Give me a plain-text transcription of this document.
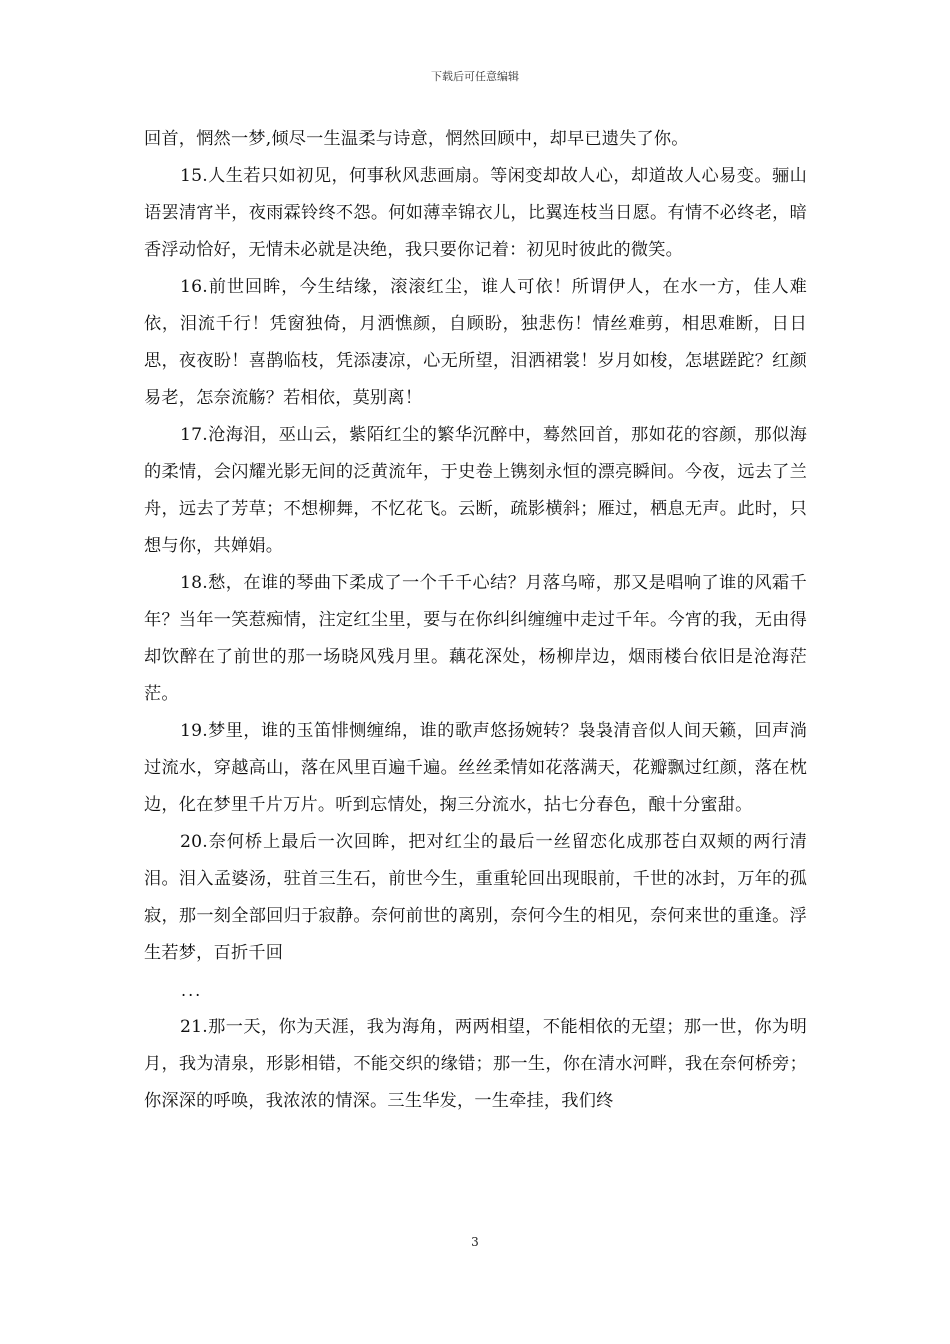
下载后可任意编辑

回首，惘然一梦,倾尽一生温柔与诗意，惘然回顾中，却早已遗失了你。

15.人生若只如初见，何事秋风悲画扇。等闲变却故人心，却道故人心易变。骊山语罢清宵半，夜雨霖铃终不怨。何如薄幸锦衣儿，比翼连枝当日愿。有情不必终老，暗香浮动恰好，无情未必就是决绝，我只要你记着：初见时彼此的微笑。

16.前世回眸，今生结缘，滚滚红尘，谁人可依！所谓伊人，在水一方，佳人难依，泪流千行！凭窗独倚，月洒憔颜，自顾盼，独悲伤！情丝难剪，相思难断，日日思，夜夜盼！喜鹊临枝，凭添凄凉，心无所望，泪洒裙裳！岁月如梭，怎堪蹉跎？红颜易老，怎奈流觞？若相依，莫别离！

17.沧海泪，巫山云，紫陌红尘的繁华沉醉中，蓦然回首，那如花的容颜，那似海的柔情，会闪耀光影无间的泛黄流年，于史卷上镌刻永恒的漂亮瞬间。今夜，远去了兰舟，远去了芳草；不想柳舞，不忆花飞。云断，疏影横斜；雁过，栖息无声。此时，只想与你，共婵娟。

18.愁，在谁的琴曲下柔成了一个千千心结？月落乌啼，那又是唱响了谁的风霜千年？当年一笑惹痴情，注定红尘里，要与在你纠纠缠缠中走过千年。今宵的我，无由得却饮醉在了前世的那一场晓风残月里。藕花深处，杨柳岸边，烟雨楼台依旧是沧海茫茫。

19.梦里，谁的玉笛悱恻缠绵，谁的歌声悠扬婉转？袅袅清音似人间天籁，回声淌过流水，穿越高山，落在风里百遍千遍。丝丝柔情如花落满天，花瓣飘过红颜，落在枕边，化在梦里千片万片。听到忘情处，掬三分流水，拈七分春色，酿十分蜜甜。

20.奈何桥上最后一次回眸，把对红尘的最后一丝留恋化成那苍白双颊的两行清泪。泪入孟婆汤，驻首三生石，前世今生，重重轮回出现眼前，千世的冰封，万年的孤寂，那一刻全部回归于寂静。奈何前世的离别，奈何今生的相见，奈何来世的重逢。浮生若梦，百折千回

...

21.那一天，你为天涯，我为海角，两两相望，不能相依的无望；那一世，你为明月，我为清泉，形影相错，不能交织的缘错；那一生，你在清水河畔，我在奈何桥旁；你深深的呼唤，我浓浓的情深。三生华发，一生牵挂，我们终

3
